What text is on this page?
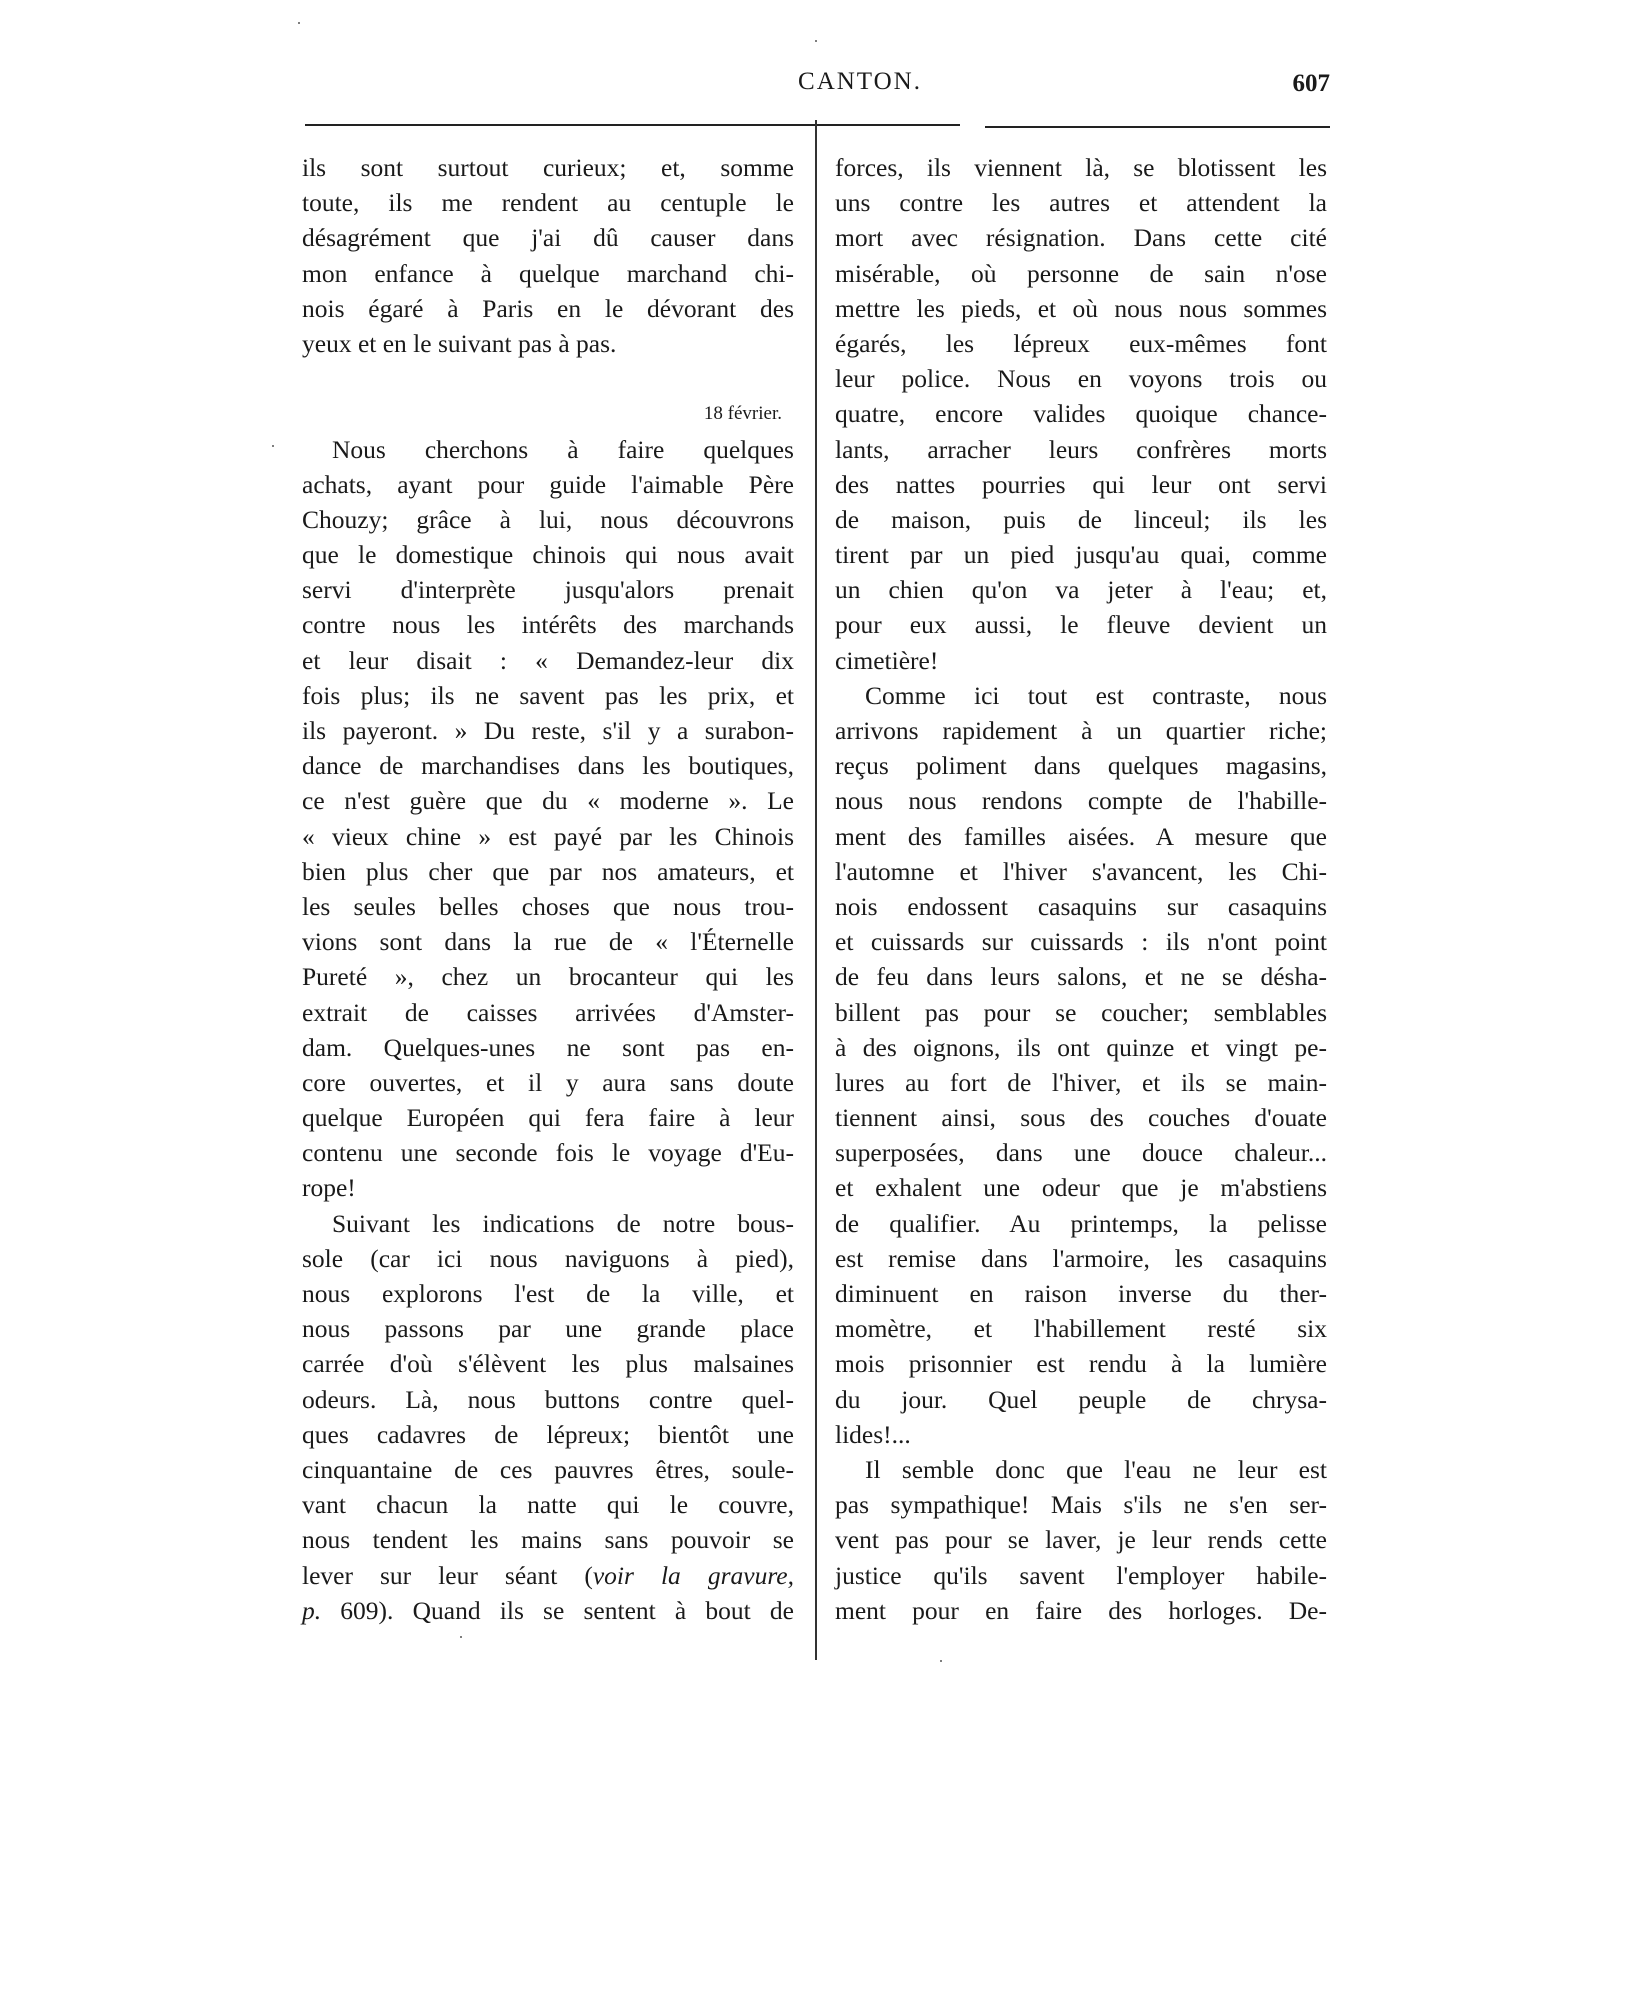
CANTON.	607
ils sont surtout curieux; et, somme
toute, ils me rendent au centuple le
désagrément que j'ai dû causer dans
mon enfance à quelque marchand chi-
nois égaré à Paris en le dévorant des
yeux et en le suivant pas à pas.

18 février.
Nous cherchons à faire quelques
achats, ayant pour guide l'aimable Père
Chouzy; grâce à lui, nous découvrons
que le domestique chinois qui nous avait
servi d'interprète jusqu'alors prenait
contre nous les intérêts des marchands
et leur disait : « Demandez-leur dix
fois plus; ils ne savent pas les prix, et
ils payeront. » Du reste, s'il y a surabon-
dance de marchandises dans les boutiques,
ce n'est guère que du « moderne ». Le
« vieux chine » est payé par les Chinois
bien plus cher que par nos amateurs, et
les seules belles choses que nous trou-
vions sont dans la rue de « l'Éternelle
Pureté », chez un brocanteur qui les
extrait de caisses arrivées d'Amster-
dam. Quelques-unes ne sont pas en-
core ouvertes, et il y aura sans doute
quelque Européen qui fera faire à leur
contenu une seconde fois le voyage d'Eu-
rope!
Suivant les indications de notre bous-
sole (car ici nous naviguons à pied),
nous explorons l'est de la ville, et
nous passons par une grande place
carrée d'où s'élèvent les plus malsaines
odeurs. Là, nous buttons contre quel-
ques cadavres de lépreux; bientôt une
cinquantaine de ces pauvres êtres, soule-
vant chacun la natte qui le couvre,
nous tendent les mains sans pouvoir se
lever sur leur séant (voir la gravure,
p. 609). Quand ils se sentent à bout de
forces, ils viennent là, se blotissent les
uns contre les autres et attendent la
mort avec résignation. Dans cette cité
misérable, où personne de sain n'ose
mettre les pieds, et où nous nous sommes
égarés, les lépreux eux-mêmes font
leur police. Nous en voyons trois ou
quatre, encore valides quoique chance-
lants, arracher leurs confrères morts
des nattes pourries qui leur ont servi
de maison, puis de linceul; ils les
tirent par un pied jusqu'au quai, comme
un chien qu'on va jeter à l'eau; et,
pour eux aussi, le fleuve devient un
cimetière!
Comme ici tout est contraste, nous
arrivons rapidement à un quartier riche;
reçus poliment dans quelques magasins,
nous nous rendons compte de l'habille-
ment des familles aisées. A mesure que
l'automne et l'hiver s'avancent, les Chi-
nois endossent casaquins sur casaquins
et cuissards sur cuissards : ils n'ont point
de feu dans leurs salons, et ne se désha-
billent pas pour se coucher; semblables
à des oignons, ils ont quinze et vingt pe-
lures au fort de l'hiver, et ils se main-
tiennent ainsi, sous des couches d'ouate
superposées, dans une douce chaleur...
et exhalent une odeur que je m'abstiens
de qualifier. Au printemps, la pelisse
est remise dans l'armoire, les casaquins
diminuent en raison inverse du ther-
momètre, et l'habillement resté six
mois prisonnier est rendu à la lumière
du jour. Quel peuple de chrysa-
lides!...
Il semble donc que l'eau ne leur est
pas sympathique! Mais s'ils ne s'en ser-
vent pas pour se laver, je leur rends cette
justice qu'ils savent l'employer habile-
ment pour en faire des horloges. De-
